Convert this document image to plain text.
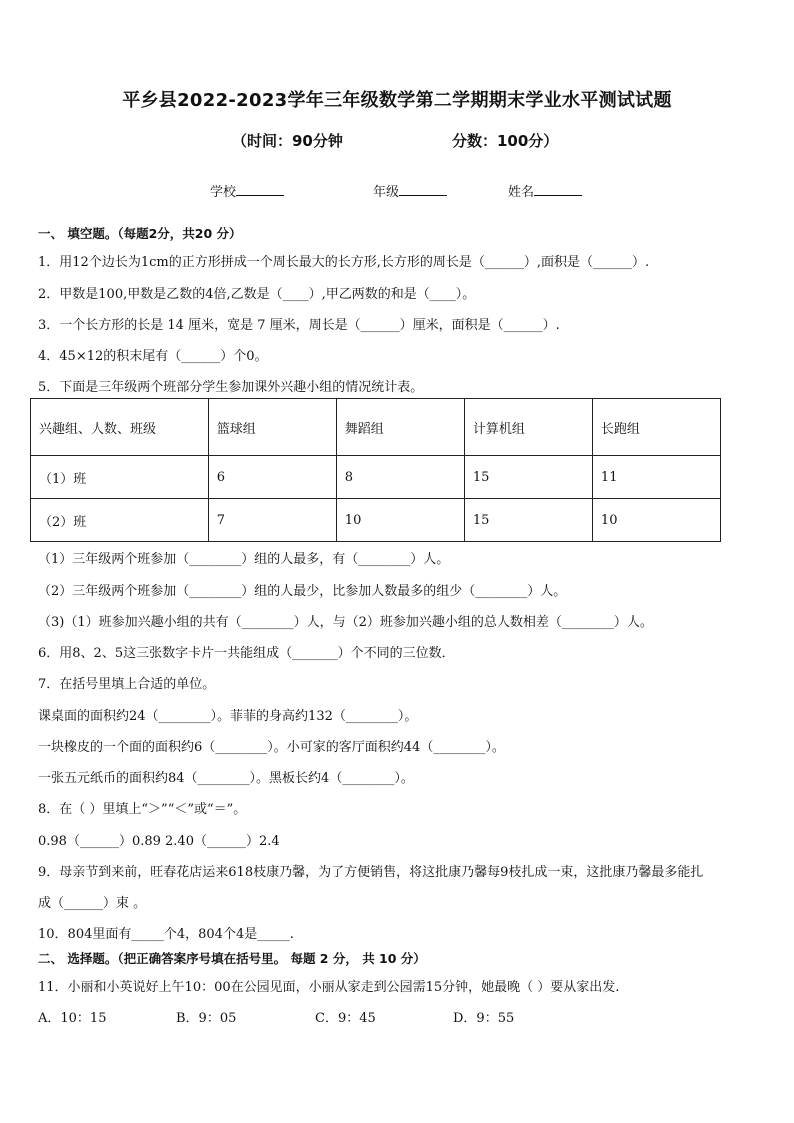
平乡县2022-2023学年三年级数学第二学期期末学业水平测试试题
（时间：90分钟	分数：100分）
学校	年级	姓名
一、 填空题。（每题2分，共20 分）
1．用12个边长为1cm的正方形拼成一个周长最大的长方形,长方形的周长是（______）,面积是（______）.
2．甲数是100,甲数是乙数的4倍,乙数是（____）,甲乙两数的和是（____）。
3．一个长方形的长是 14 厘米，宽是 7 厘米，周长是（______）厘米，面积是（______）.
4．45×12的积末尾有（______）个0。
5．下面是三年级两个班部分学生参加课外兴趣小组的情况统计表。
兴趣组、人数、班级	篮球组	舞蹈组	计算机组	长跑组
（1）班	6	8	15	11
（2）班	7	10	15	10
（1）三年级两个班参加（________）组的人最多，有（________）人。
（2）三年级两个班参加（________）组的人最少，比参加人数最多的组少（________）人。
（3)（1）班参加兴趣小组的共有（________）人，与（2）班参加兴趣小组的总人数相差（________）人。
6．用8、2、5这三张数字卡片一共能组成（_______）个不同的三位数．
7．在括号里填上合适的单位。
课桌面的面积约24（________）。菲菲的身高约132（________）。
一块橡皮的一个面的面积约6（________）。小可家的客厅面积约44（________）。
一张五元纸币的面积约84（________）。黑板长约4（________）。
8．在（ ）里填上“＞”“＜”或“＝”。
0.98（______）0.89 2.40（______）2.4
9．母亲节到来前，旺春花店运来618枝康乃馨，为了方便销售，将这批康乃馨每9枝扎成一束，这批康乃馨最多能扎
成（______）束 。
10．804里面有_____个4，804个4是_____.
二、 选择题。（把正确答案序号填在括号里。 每题 2 分， 共 10 分）
11．小丽和小英说好上午10：00在公园见面，小丽从家走到公园需15分钟，她最晚（ ）要从家出发.
A．10：15	B．9：05	C．9：45	D．9：55
